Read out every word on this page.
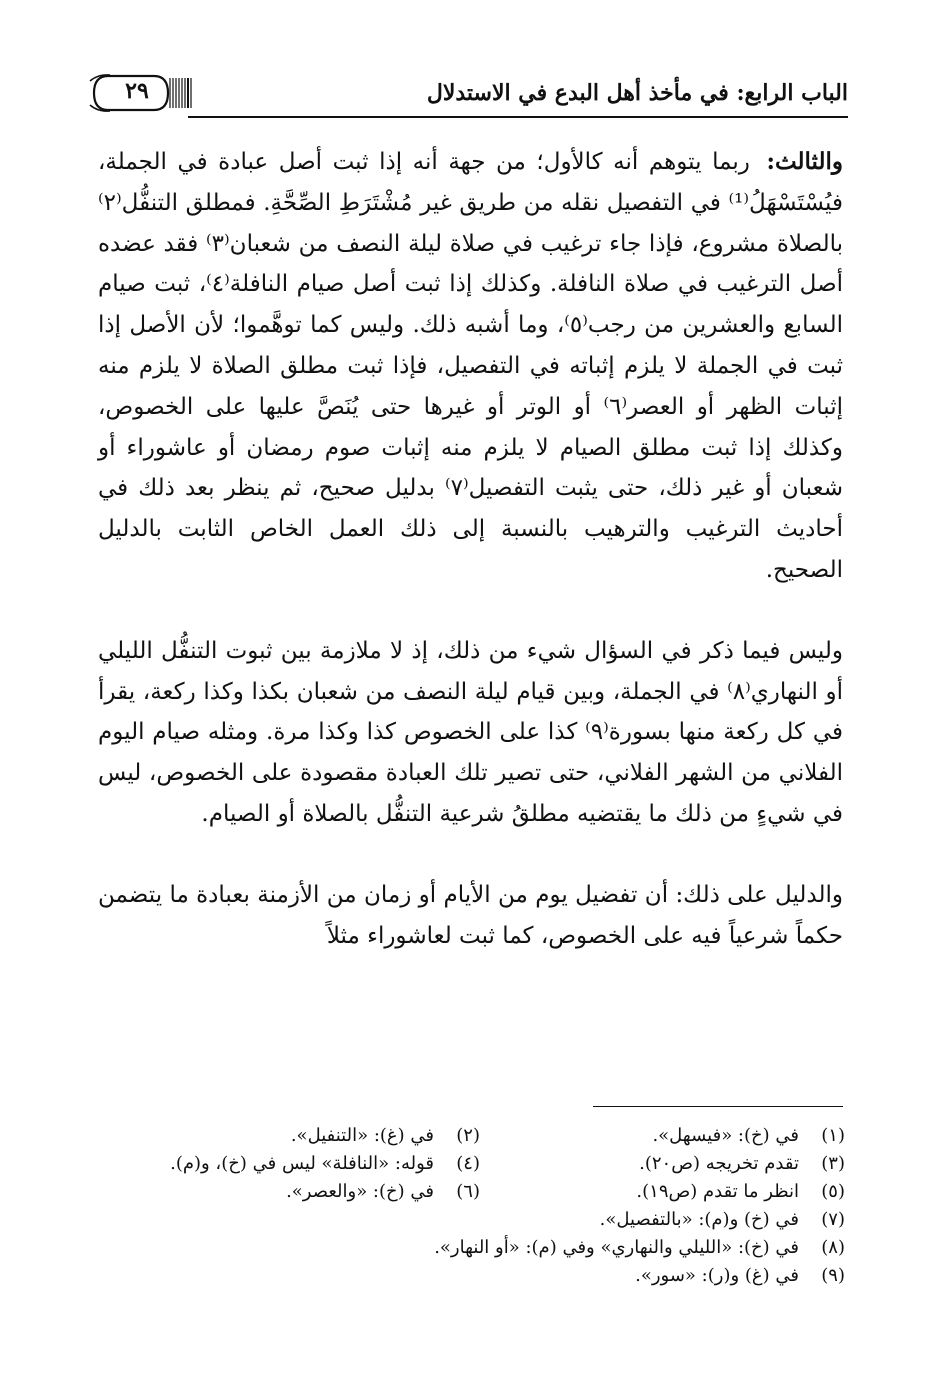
الباب الرابع: في مأخذ أهل البدع في الاستدلال
٢٩

والثالث: ربما يتوهم أنه كالأول؛ من جهة أنه إذا ثبت أصل عبادة في الجملة، فيُسْتَسْهَلُ⁽¹⁾ في التفصيل نقله من طريق غير مُشْتَرَطِ الصِّحَّةِ. فمطلق التنفُّل⁽٢⁾ بالصلاة مشروع، فإذا جاء ترغيب في صلاة ليلة النصف من شعبان⁽٣⁾ فقد عضده أصل الترغيب في صلاة النافلة. وكذلك إذا ثبت أصل صيام النافلة⁽٤⁾، ثبت صيام السابع والعشرين من رجب⁽٥⁾، وما أشبه ذلك. وليس كما توهَّموا؛ لأن الأصل إذا ثبت في الجملة لا يلزم إثباته في التفصيل، فإذا ثبت مطلق الصلاة لا يلزم منه إثبات الظهر أو العصر⁽٦⁾ أو الوتر أو غيرها حتى يُنَصَّ عليها على الخصوص، وكذلك إذا ثبت مطلق الصيام لا يلزم منه إثبات صوم رمضان أو عاشوراء أو شعبان أو غير ذلك، حتى يثبت التفصيل⁽٧⁾ بدليل صحيح، ثم ينظر بعد ذلك في أحاديث الترغيب والترهيب بالنسبة إلى ذلك العمل الخاص الثابت بالدليل الصحيح.

وليس فيما ذكر في السؤال شيء من ذلك، إذ لا ملازمة بين ثبوت التنفُّل الليلي أو النهاري⁽٨⁾ في الجملة، وبين قيام ليلة النصف من شعبان بكذا وكذا ركعة، يقرأ في كل ركعة منها بسورة⁽٩⁾ كذا على الخصوص كذا وكذا مرة. ومثله صيام اليوم الفلاني من الشهر الفلاني، حتى تصير تلك العبادة مقصودة على الخصوص، ليس في شيءٍ من ذلك ما يقتضيه مطلقُ شرعية التنفُّل بالصلاة أو الصيام.

والدليل على ذلك: أن تفضيل يوم من الأيام أو زمان من الأزمنة بعبادة ما يتضمن حكماً شرعياً فيه على الخصوص، كما ثبت لعاشوراء مثلاً

(١)في (خ): «فيسهل».
(٢)في (غ): «التنفيل».
(٣)تقدم تخريجه (ص٢٠).
(٤)قوله: «النافلة» ليس في (خ)، و(م).
(٥)انظر ما تقدم (ص١٩).
(٦)في (خ): «والعصر».
(٧)في (خ) و(م): «بالتفصيل».
(٨)في (خ): «الليلي والنهاري» وفي (م): «أو النهار».
(٩)في (غ) و(ر): «سور».
